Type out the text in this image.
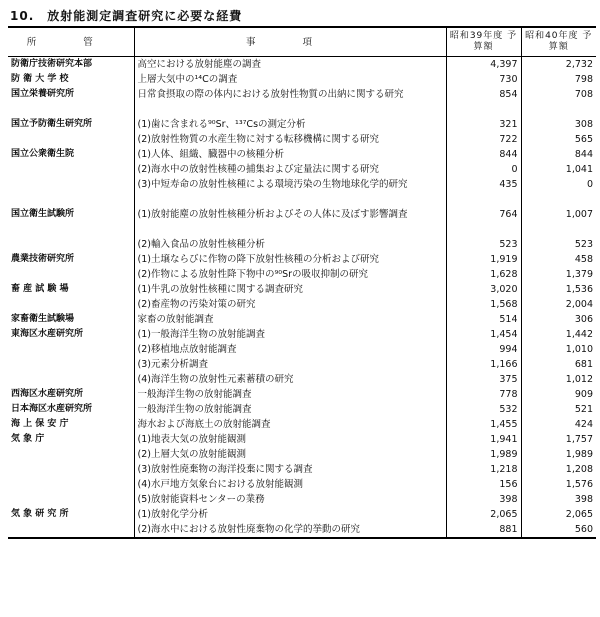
10.　放射能測定調査研究に必要な経費
所 管	事 項	昭和39年度 予算額	昭和40年度 予算額
防衛庁技術研究本部	高空における放射能塵の調査	4,397	2,732
防 衛 大 学 校	上層大気中の¹⁴Cの調査	730	798
国立栄養研究所	日常食摂取の際の体内における放射性物質の出納に関する研究	854	708
国立予防衛生研究所	(1)歯に含まれる⁹⁰Sr、¹³⁷Csの測定分析	321	308
	(2)放射性物質の水産生物に対する転移機構に関する研究	722	565
国立公衆衛生院	(1)人体、組織、臓器中の核種分析	844	844
	(2)海水中の放射性核種の捕集および定量法に関する研究	0	1,041
	(3)中短寿命の放射性核種による環境汚染の生物地球化学的研究	435	0
国立衛生試験所	(1)放射能塵の放射性核種分析およびその人体に及ぼす影響調査	764	1,007
	(2)輸入食品の放射性核種分析	523	523
農業技術研究所	(1)土壌ならびに作物の降下放射性核種の分析および研究	1,919	458
	(2)作物による放射性降下物中の⁹⁰Srの吸収抑制の研究	1,628	1,379
畜 産 試 験 場	(1)牛乳の放射性核種に関する調査研究	3,020	1,536
	(2)畜産物の汚染対策の研究	1,568	2,004
家畜衛生試験場	家畜の放射能調査	514	306
東海区水産研究所	(1)一般海洋生物の放射能調査	1,454	1,442
	(2)移植地点放射能調査	994	1,010
	(3)元素分析調査	1,166	681
	(4)海洋生物の放射性元素蓄積の研究	375	1,012
西海区水産研究所	一般海洋生物の放射能調査	778	909
日本海区水産研究所	一般海洋生物の放射能調査	532	521
海 上 保 安 庁	海水および海底土の放射能調査	1,455	424
気 象 庁	(1)地表大気の放射能観測	1,941	1,757
	(2)上層大気の放射能観測	1,989	1,989
	(3)放射性廃棄物の海洋投棄に関する調査	1,218	1,208
	(4)水戸地方気象台における放射能観測	156	1,576
	(5)放射能資料センターの業務	398	398
気 象 研 究 所	(1)放射化学分析	2,065	2,065
	(2)海水中における放射性廃棄物の化学的挙動の研究	881	560
